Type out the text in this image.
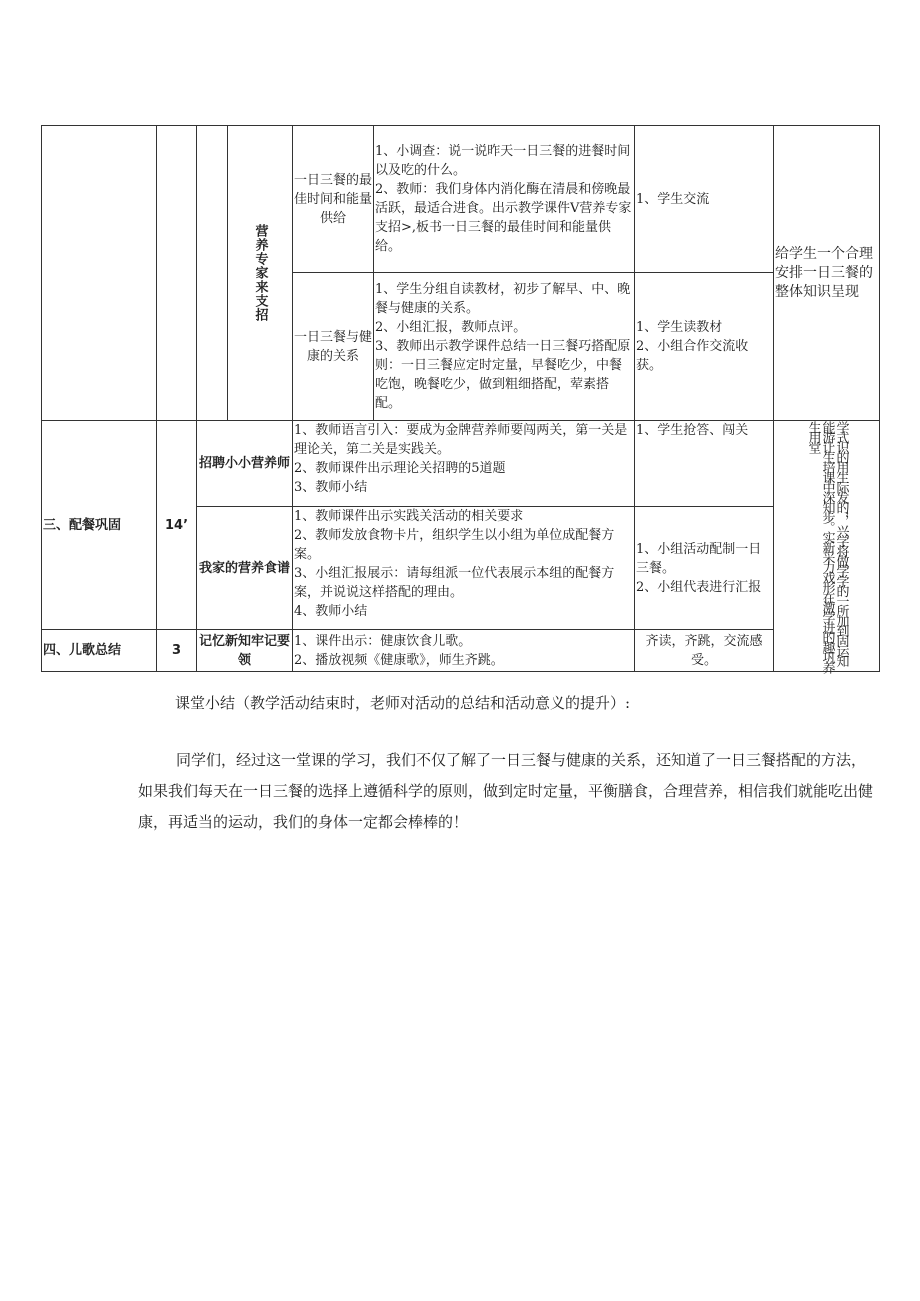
			营养专家来支招	一日三餐的最佳时间和能量供给	1、小调查：说一说昨天一日三餐的进餐时间以及吃的什么。
2、教师：我们身体内消化酶在清晨和傍晚最活跃，最适合进食。出示教学课件V营养专家支招>,板书一日三餐的最佳时间和能量供给。	1、学生交流	给学生一个合理安排一日三餐的整体知识呈现
				一日三餐与健康的关系	1、学生分组自读教材，初步了解早、中、晚餐与健康的关系。
2、小组汇报，教师点评。
3、教师出示教学课件总结一日三餐巧搭配原则：一日三餐应定时定量，早餐吃少，中餐吃饱，晚餐吃少，做到粗细搭配，荤素搭配。	1、学生读教材
2、小组合作交流收获。	

三、配餐巩固	14’	招聘小小营养师		1、教师语言引入：要成为金牌营养师要闯两关，第一关是理论关，第二关是实践关。
2、教师课件出示理论关招聘的5道题
3、教师小结		1、学生抢答、闯关	学式识的用生际发的，，兴学将做学学的一所加到固运知能游让生培课中深知步。实新采力戏形在激学进的趣巩养生用堂

		我家的营养食谱		1、教师课件出示实践关活动的相关要求
2、教师发放食物卡片，组织学生以小组为单位成配餐方案。
3、小组汇报展示：请每组派一位代表展示本组的配餐方案，并说说这样搭配的理由。
4、教师小结		1、小组活动配制一日三餐。
2、小组代表进行汇报	

四、儿歌总结	3	记忆新知牢记要领		1、课件出示：健康饮食儿歌。
2、播放视频《健康歌》，师生齐跳。		齐读，齐跳，交流感受。	
课堂小结（教学活动结束时，老师对活动的总结和活动意义的提升）:
同学们，经过这一堂课的学习，我们不仅了解了一日三餐与健康的关系，还知道了一日三餐搭配的方法，如果我们每天在一日三餐的选择上遵循科学的原则，做到定时定量，平衡膳食，合理营养，相信我们就能吃出健康，再适当的运动，我们的身体一定都会棒棒的！
